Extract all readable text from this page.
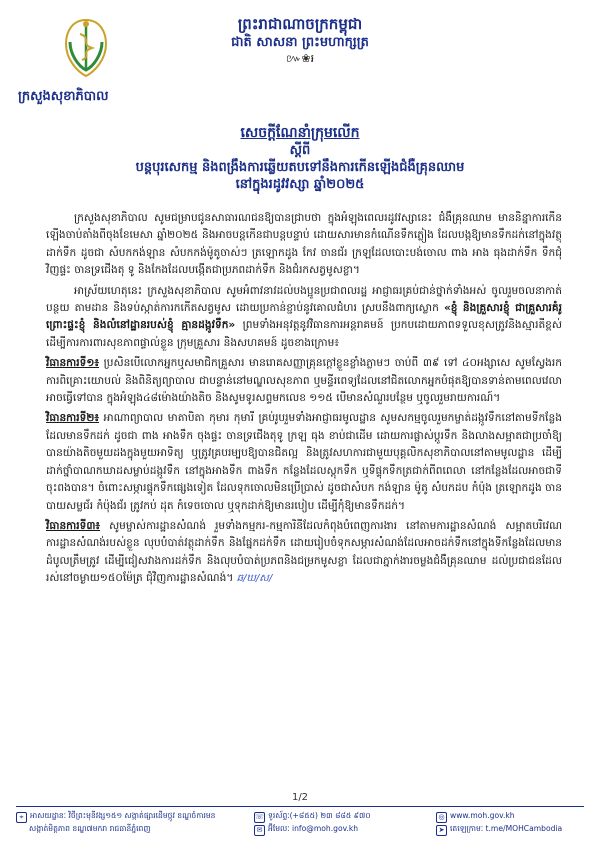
ព្រះរាជាណាចក្រកម្ពុជា
ជាតិ សាសនា ព្រះមហាក្សត្រ
៚❀៛
ក្រសួងសុខាភិបាល
សេចក្ដីណែនាំក្រុមលើក
ស្ដីពី
បន្តបុរសេកម្ម និងពង្រឹងការឆ្លើយតបទៅនឹងការកើនឡើងជំងឺគ្រុនឈាម
នៅក្នុងរដូវវស្សា ឆ្នាំ២០២៥

ក្រសួងសុខាភិបាល សូមជម្រាបជូនសាធារណជនឱ្យបានជ្រាបថា ក្នុងអំឡុងពេលរដូវវស្សានេះ ជំងឺគ្រុនឈាម មាននិន្នាការកើនឡើងចាប់តាំងពីចុងខែមេសា ឆ្នាំ២០២៥ និងអាចបន្តកើនជាបន្តបន្ទាប់ ដោយសារមានកំណើនទឹកភ្លៀង ដែលបង្កឱ្យមានទឹកដក់នៅក្នុងវត្ថុដាក់ទឹក ដូចជា សំបកកង់ឡាន សំបកកង់ម៉ូតូចាស់ៗ ត្រឡោកដូង កែវ ចានជ័រ ក្រឡដែលបោះបង់ចោល ពាង អាង ធុងដាក់ទឹក ទឹកជុំវិញផ្ទះ ចានទ្រជើងតុ ទូ និងកែងដែលបង្កើតជាប្រភពដាក់ទឹក និងជំរកសត្វមូសខ្លា។

អាស្រ័យហេតុនេះ ក្រសួងសុខាភិបាល សូមអំពាវនាវដល់បងប្អូនប្រជាពលរដ្ឋ អាជ្ញាធរគ្រប់ជាន់ថ្នាក់ទាំងអស់ ចូលរួមចលនាកាត់បន្ថយ តាមដាន និងទប់ស្កាត់ការកកើតសត្វមូស ដោយប្រកាន់ខ្ជាប់នូវគោលជំហរ ស្របនឹងពាក្យស្លោក «ខ្ញុំ និងគ្រួសារខ្ញុំ ជាគ្រួសារគំរូ ព្រោះផ្ទះខ្ញុំ និងលំនៅដ្ឋានរបស់ខ្ញុំ គ្មានដង្កូវទឹក» ព្រមទាំងអនុវត្តនូវវិធានការអន្តរាគមន៍ ប្រកបដោយភាពទទួលខុសត្រូវនិងស្មារតីខ្ពស់ ដើម្បីការការពារសុខភាពផ្ទាល់ខ្លួន ក្រុមគ្រួសារ និងសហគមន៍ ដូចខាងក្រោម៖

វិធានការទី១៖ ប្រសិនបើលោកអ្នកឬសមាជិកគ្រួសារ មានរោគសញ្ញាគ្រុនក្តៅខ្លួនខ្លាំងភ្លាមៗ ចាប់ពី ៣៩ ទៅ ៤០អង្សាសេ សូមស្វែងរកការពិគ្រោះយោបល់ និងពិនិត្យព្យាបាល ជាបន្ទាន់នៅមណ្ឌលសុខភាព ឬមន្ទីរពេទ្យដែលនៅជិតលោកអ្នកបំផុតឱ្យបានទាន់តាមពេលវេលាអាចធ្វើទៅបាន ក្នុងអំឡុង៤៨ម៉ោងយ៉ាងតិច និងសូមទូរសព្ទមកលេខ ១១៥ បើមានសំណួរបន្ថែម ឬចូលរួមរាយការណ៍។

វិធានការទី២៖ អាណាព្យាបាល មាតាបិតា កុមារ កុមារី គ្រប់រូបរួមទាំងអាជ្ញាធរមូលដ្ឋាន សូមសកម្មចូលរួមកម្ចាត់ដង្កូវទឹកនៅតាមទីកន្លែងដែលមានទឹកដក់ ដូចជា ពាង អាងទឹក ចុងផ្ទះ ចានទ្រជើងតុទូ ក្រឡ ធុង ខាប់ជាដើម ដោយការផ្លាស់ប្តូរទឹក និងលាងសម្អាតជាប្រចាំឱ្យបានយ៉ាងតិចមួយដងក្នុងមួយអាទិត្យ ឬត្រូវគ្របរម្បបឱ្យបានជិតល្អ និងត្រូវសហការជាមួយបុគ្គលិកសុខាភិបាលនៅតាមមូលដ្ឋាន ដើម្បីដាក់ថ្នាំបាណកឃាដសម្លាប់ដង្កូវទឹក នៅក្នុងអាងទឹក ពាងទឹក កន្លែងដែលស្តុកទឹក ឬទីផ្ទុកទឹកត្រជាក់ពីពពេលា នៅកន្លែងដែលអាចជាទីចុះពងបាន។ ចំពោះសម្ភារផ្ទុកទឹកផ្សេងទៀត ដែលទុកចោលមិនប្រើប្រាស់ ដូចជាសំបក កង់ឡាន ម៉ូតូ សំបកដប កំប៉ុង ត្រឡោកដូង ចានបាយសម្លជ័រ កំប៉ុងជ័រ ត្រូវកប់ ដុត កំទេចចោល ឬទុកដាក់ឱ្យមានរបៀប ដើម្បីកុំឱ្យមានទឹកដក់។

វិធានការទី៣៖ សូមម្ចាស់ការដ្ឋានសំណង់ រួមទាំងកម្មករ-កម្មការិនីដែលកំពុងបំពេញការងារ នៅតាមការដ្ឋានសំណង់ សម្អាតបរិវេណការដ្ឋានសំណង់របស់ខ្លួន លុបបំបាត់វត្ថុដាក់ទឹក និងផ្នែកដក់ទឹក ដោយរៀបចំទុកសម្ភារសំណង់ដែលអាចដក់ទឹកនៅក្នុងទីកន្លែងដែលមានដំបូលត្រឹមត្រូវ ដើម្បីជៀសវាងការដក់ទឹក និងលុបបំបាត់ប្រភពនិងជម្រកមូសខ្លា ដែលជាភ្នាក់ងារចម្លងជំងឺគ្រុនឈាម ដល់ប្រជាជនដែលរស់នៅចម្ងាយ១៥០ម៉ែត្រ ជុំវិញការដ្ឋានសំណង់។ ឆ/ឃ/ស/

1/2
⌖ អាសយដ្ឋានៈ វិថីព្រះមុនីវង្ស១៥១ សង្កាត់ផ្សារដើមថ្កូវ ខណ្ឌចំការមន
សង្កាត់មិត្តភាព ខណ្ឌ៧មករា រាជធានីភ្នំពេញ
☏ ទូរស័ព្ទៈ(+៨៥៥) ២៣ ៨៨៥ ៩៧០
✉ អ៊ីមែលៈ info@moh.gov.kh
◎ www.moh.gov.kh
➤ តេឡេក្រាមៈ t.me/MOHCambodia
